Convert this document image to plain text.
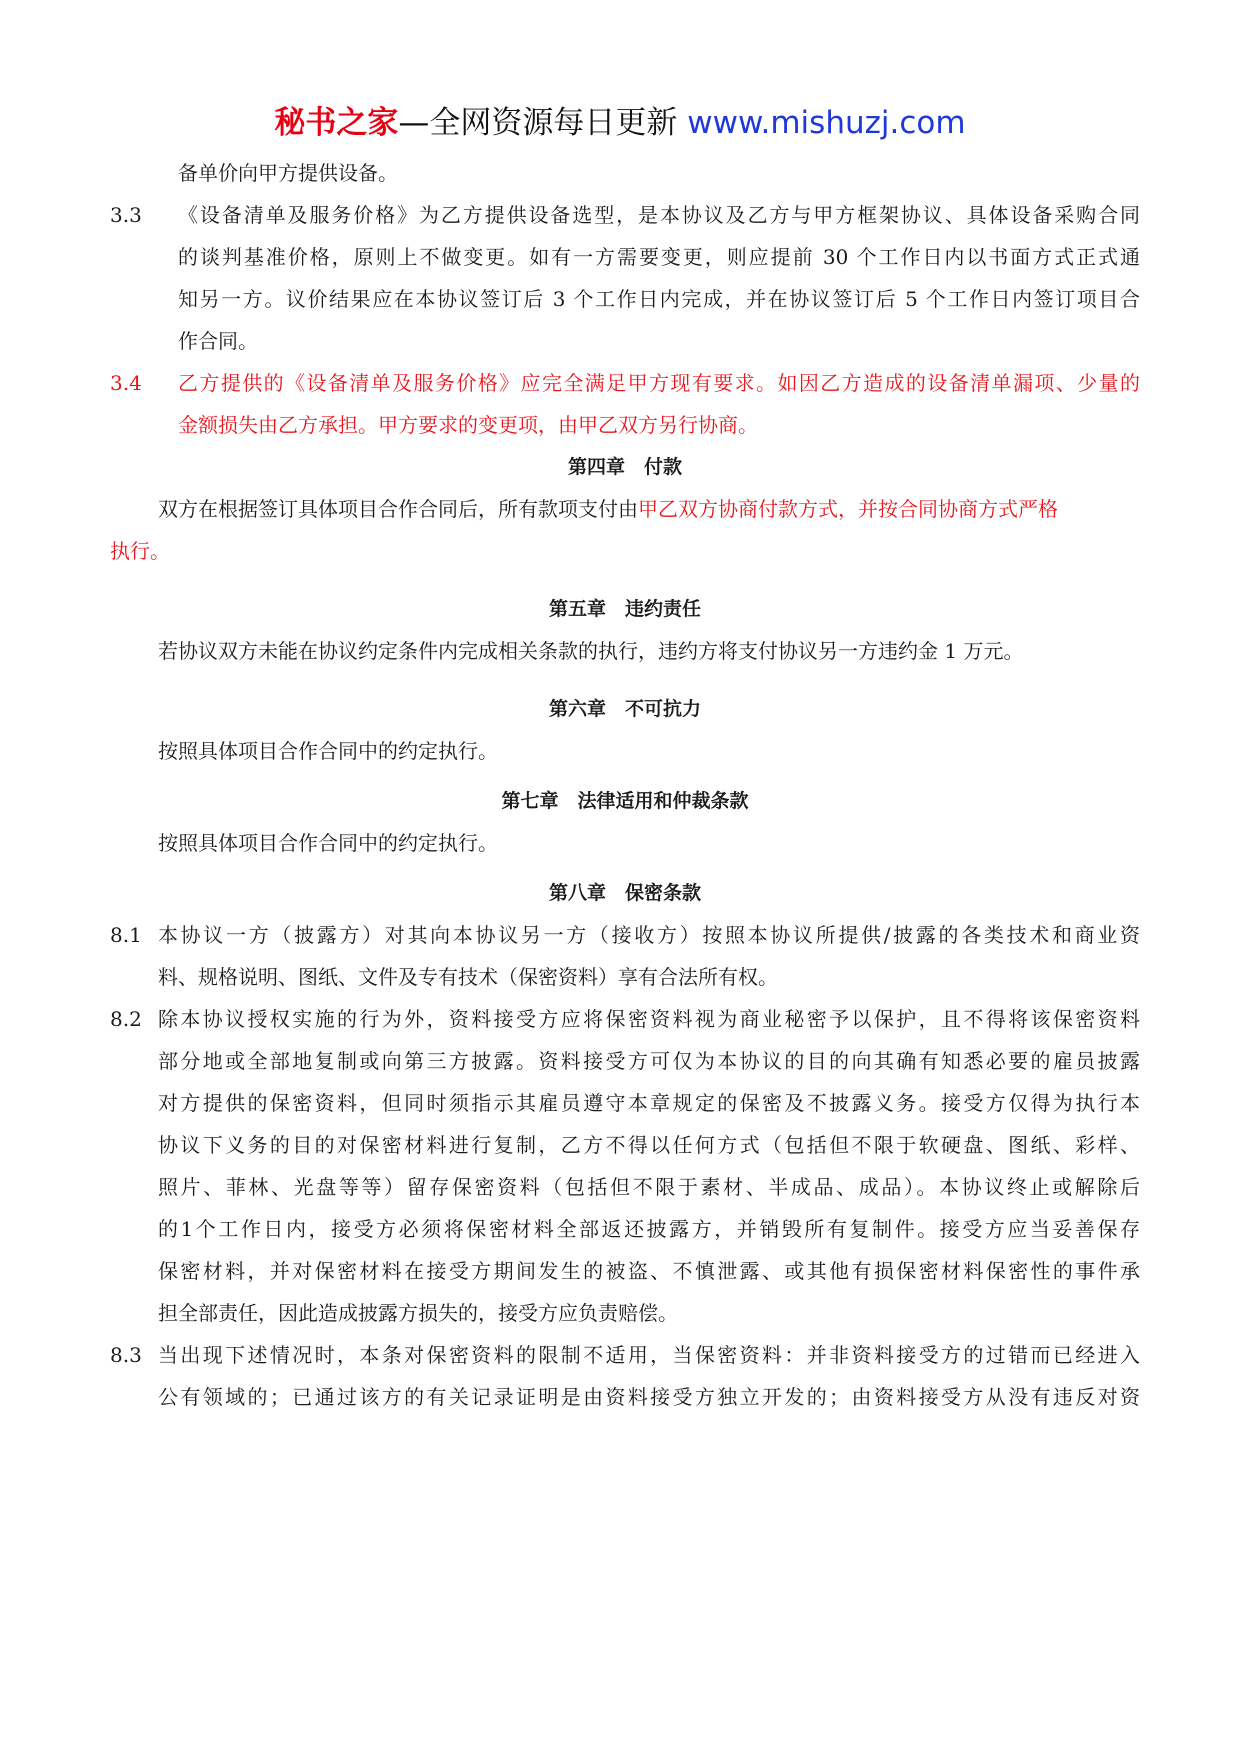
秘书之家—全网资源每日更新 www.mishuzj.com
备单价向甲方提供设备。
3.3 《设备清单及服务价格》为乙方提供设备选型，是本协议及乙方与甲方框架协议、具体设备采购合同
的谈判基准价格，原则上不做变更。如有一方需要变更，则应提前 30 个工作日内以书面方式正式通
知另一方。议价结果应在本协议签订后 3 个工作日内完成，并在协议签订后 5 个工作日内签订项目合
作合同。
3.4 乙方提供的《设备清单及服务价格》应完全满足甲方现有要求。如因乙方造成的设备清单漏项、少量的
金额损失由乙方承担。甲方要求的变更项，由甲乙双方另行协商。
第四章　付款
双方在根据签订具体项目合作合同后，所有款项支付由甲乙双方协商付款方式，并按合同协商方式严格
执行。
第五章　违约责任
若协议双方未能在协议约定条件内完成相关条款的执行，违约方将支付协议另一方违约金 1 万元。
第六章　不可抗力
按照具体项目合作合同中的约定执行。
第七章　法律适用和仲裁条款
按照具体项目合作合同中的约定执行。
第八章　保密条款
8.1 本协议一方（披露方）对其向本协议另一方（接收方）按照本协议所提供/披露的各类技术和商业资
料、规格说明、图纸、文件及专有技术（保密资料）享有合法所有权。
8.2 除本协议授权实施的行为外，资料接受方应将保密资料视为商业秘密予以保护，且不得将该保密资料
部分地或全部地复制或向第三方披露。资料接受方可仅为本协议的目的向其确有知悉必要的雇员披露
对方提供的保密资料，但同时须指示其雇员遵守本章规定的保密及不披露义务。接受方仅得为执行本
协议下义务的目的对保密材料进行复制，乙方不得以任何方式（包括但不限于软硬盘、图纸、彩样、
照片、菲林、光盘等等）留存保密资料（包括但不限于素材、半成品、成品）。本协议终止或解除后
的1个工作日内，接受方必须将保密材料全部返还披露方，并销毁所有复制件。接受方应当妥善保存
保密材料，并对保密材料在接受方期间发生的被盗、不慎泄露、或其他有损保密材料保密性的事件承
担全部责任，因此造成披露方损失的，接受方应负责赔偿。
8.3 当出现下述情况时，本条对保密资料的限制不适用，当保密资料：并非资料接受方的过错而已经进入
公有领域的；已通过该方的有关记录证明是由资料接受方独立开发的；由资料接受方从没有违反对资
